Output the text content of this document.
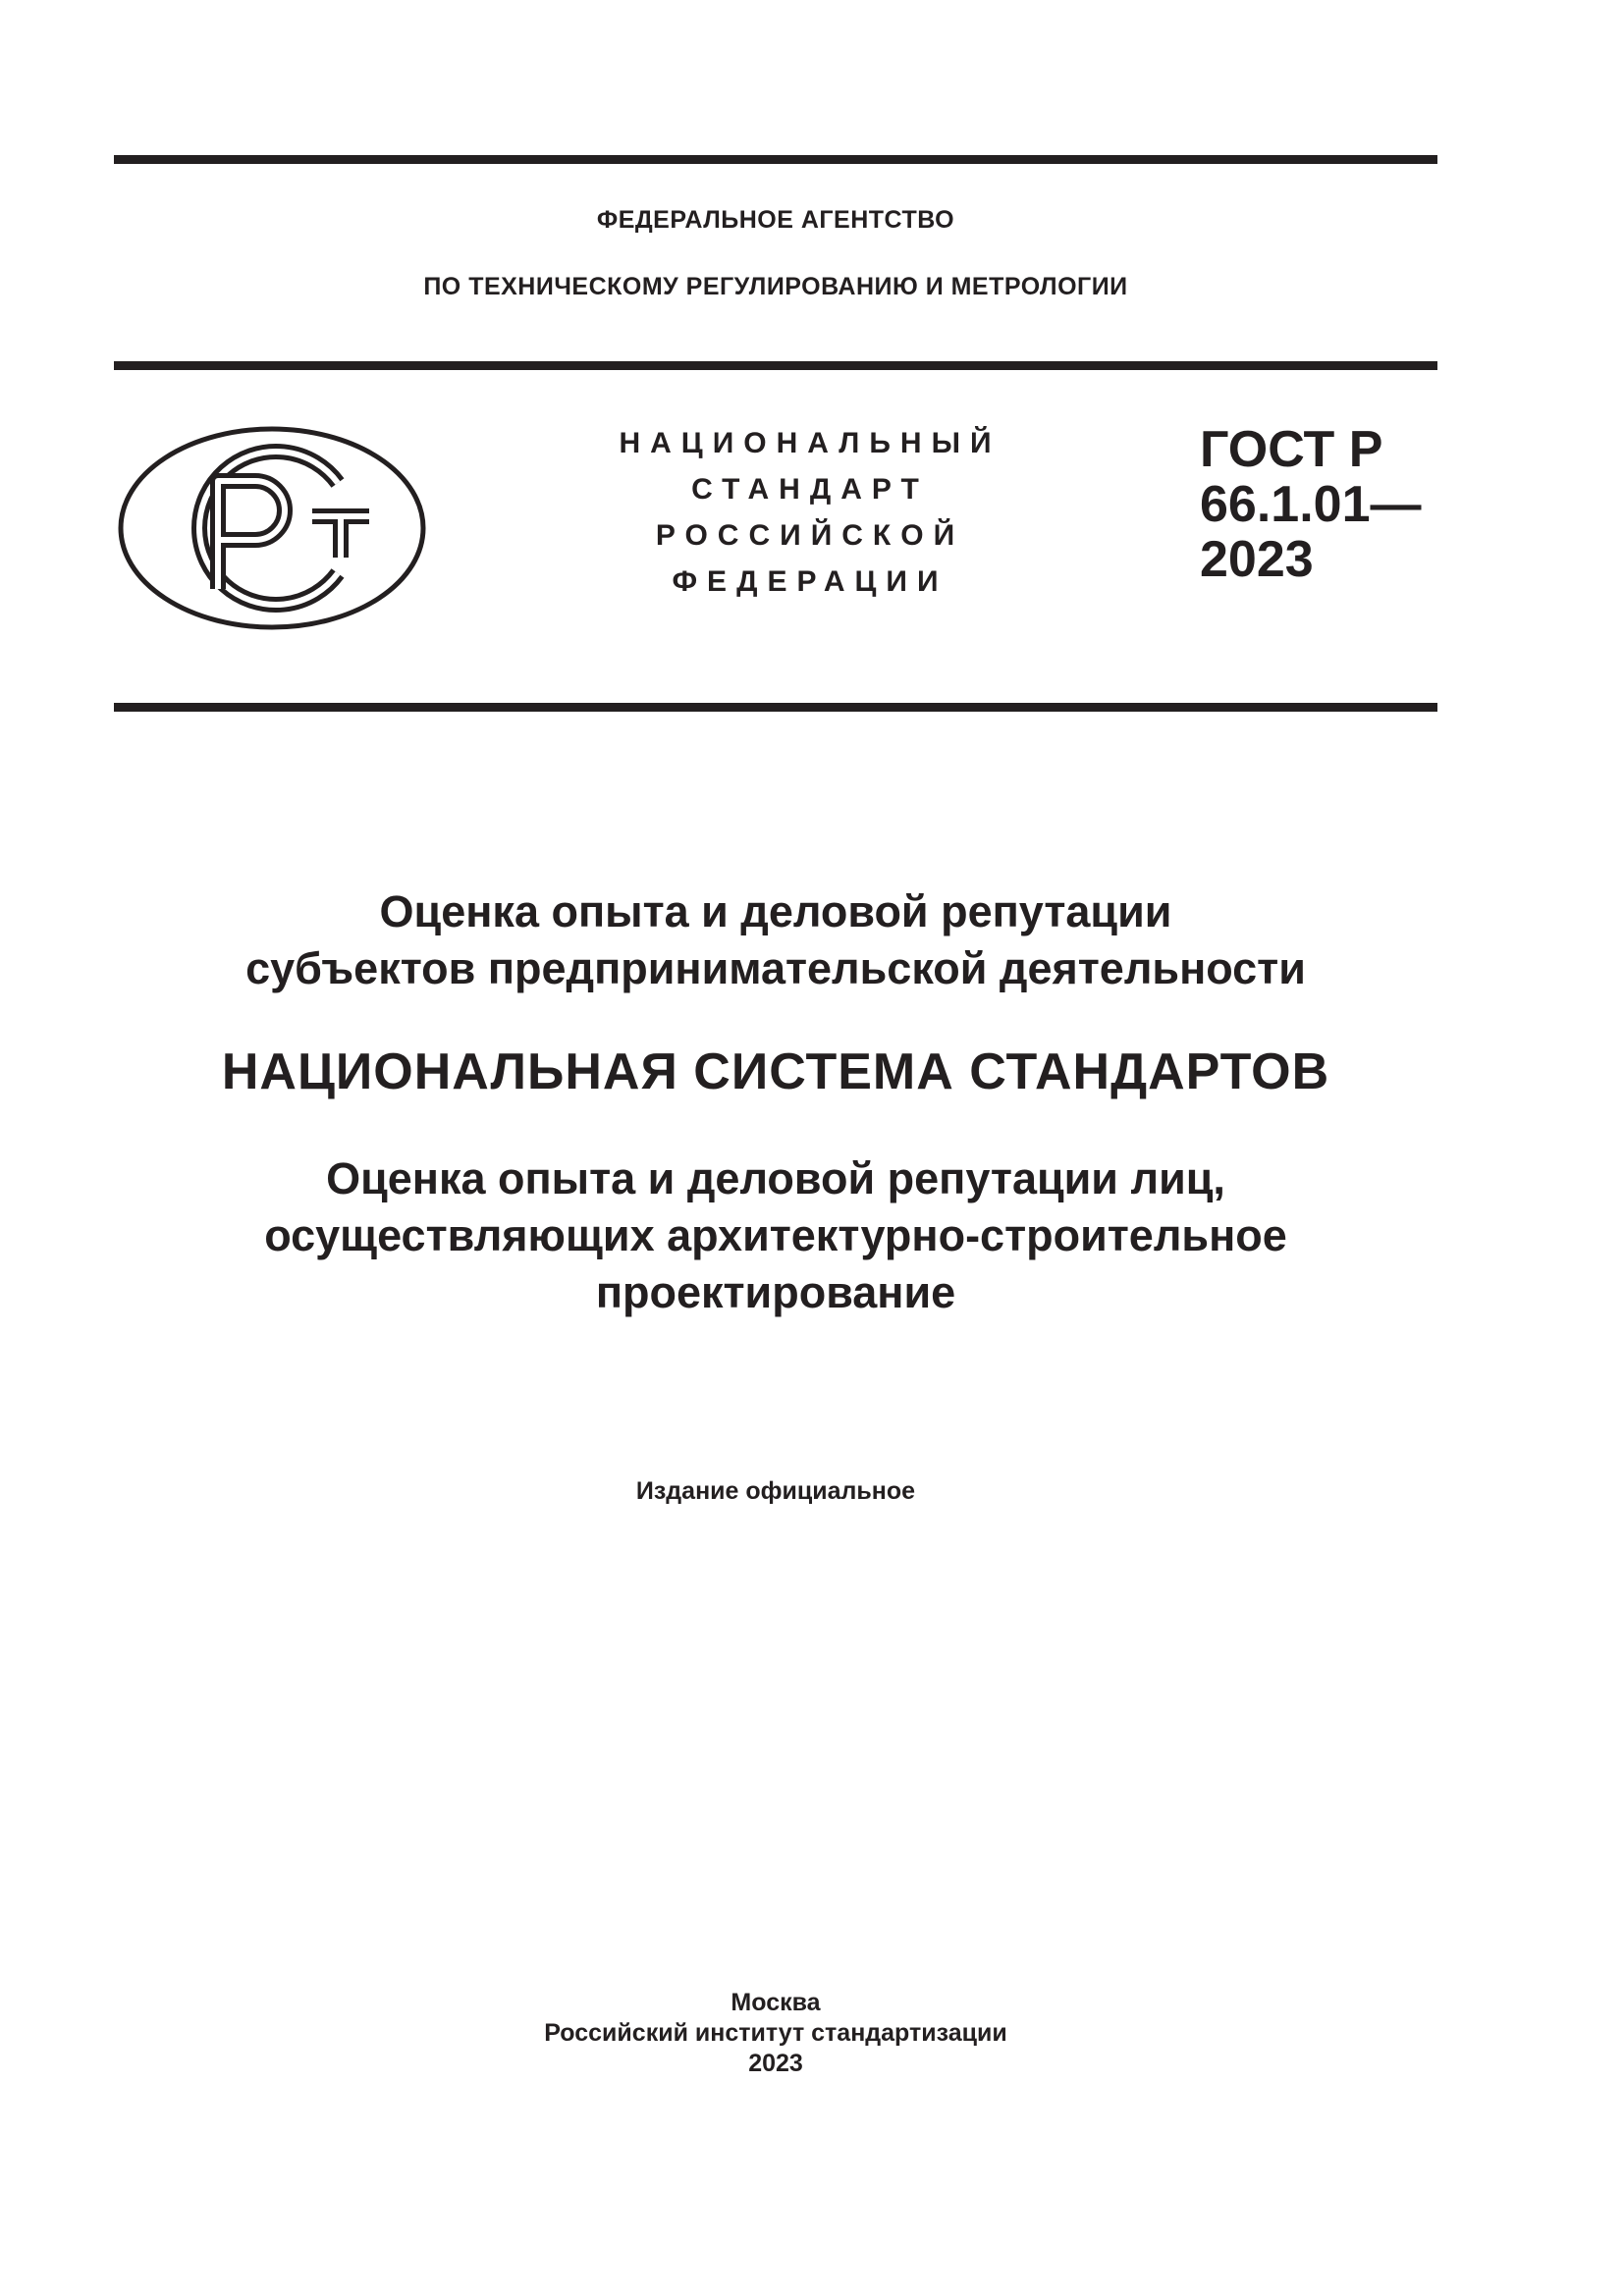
ФЕДЕРАЛЬНОЕ АГЕНТСТВО
ПО ТЕХНИЧЕСКОМУ РЕГУЛИРОВАНИЮ И МЕТРОЛОГИИ
НАЦИОНАЛЬНЫЙ
СТАНДАРТ
РОССИЙСКОЙ
ФЕДЕРАЦИИ
ГОСТ Р
66.1.01—
2023
Оценка опыта и деловой репутации
субъектов предпринимательской деятельности
НАЦИОНАЛЬНАЯ СИСТЕМА СТАНДАРТОВ
Оценка опыта и деловой репутации лиц,
осуществляющих архитектурно-строительное
проектирование
Издание официальное
Москва
Российский институт стандартизации
2023
